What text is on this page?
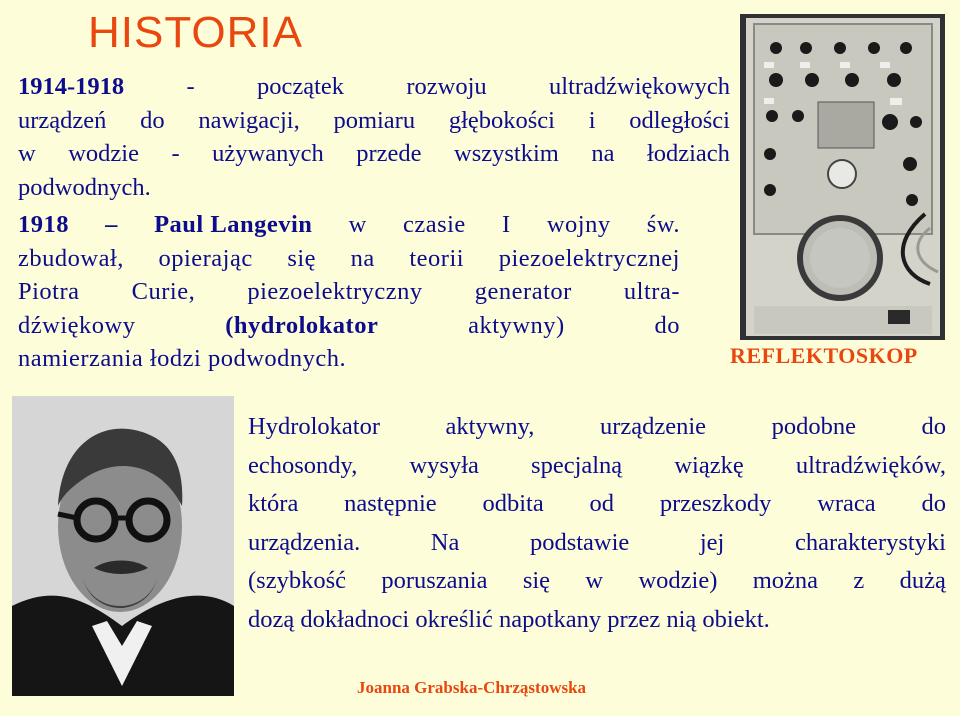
HISTORIA
1914-1918	-	początek	rozwoju	ultradźwiękowych
urządzeń do nawigacji, pomiaru głębokości i odległości
w wodzie - używanych przede wszystkim na łodziach
podwodnych.
1918 – Paul Langevin w czasie I wojny św.
zbudował, opierając się na teorii piezoelektrycznej
Piotra Curie, piezoelektryczny generator ultra-
dźwiękowy	(hydrolokator	aktywny)	do
namierzania łodzi podwodnych.	REFLEKTOSKOP
Hydrolokator	aktywny,	urządzenie	podobne	do
echosondy, wysyła specjalną wiązkę ultradźwięków,
która następnie odbita od przeszkody wraca do
urządzenia.	Na	podstawie	jej	charakterystyki
(szybkość poruszania się w wodzie) można z dużą
dozą dokładnoci określić napotkany przez nią obiekt.
Joanna Grabska-Chrząstowska
